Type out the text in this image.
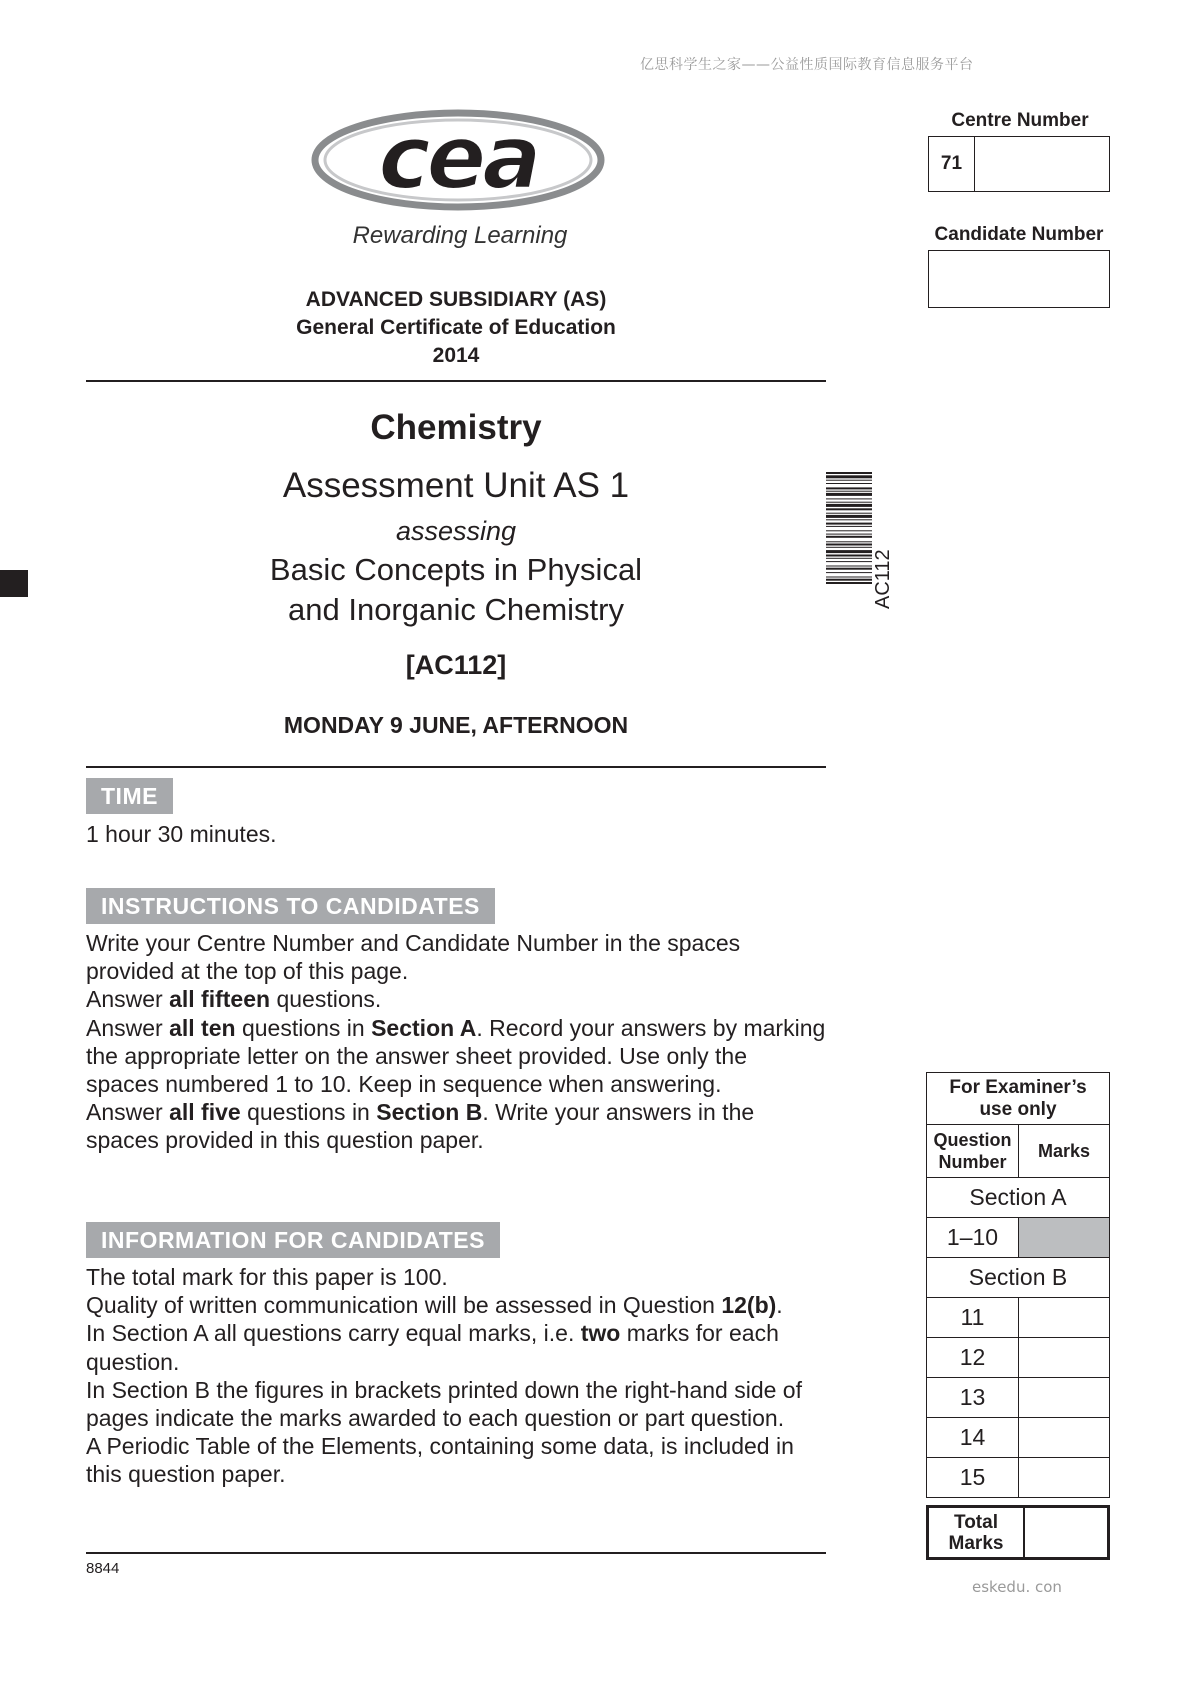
亿思科学生之家——公益性质国际教育信息服务平台
cea
Rewarding Learning
ADVANCED SUBSIDIARY (AS)
General Certificate of Education
2014
Chemistry
Assessment Unit AS 1
assessing
Basic Concepts in Physical
and Inorganic Chemistry
[AC112]
MONDAY 9 JUNE, AFTERNOON
AC112
TIME
1 hour 30 minutes.
INSTRUCTIONS TO CANDIDATES

Write your Centre Number and Candidate Number in the spaces provided at the top of this page.

Answer all fifteen questions.

Answer all ten questions in Section A. Record your answers by marking the appropriate letter on the answer sheet provided. Use only the spaces numbered 1 to 10. Keep in sequence when answering.

Answer all five questions in Section B. Write your answers in the spaces provided in this question paper.

INFORMATION FOR CANDIDATES

The total mark for this paper is 100.

Quality of written communication will be assessed in Question 12(b).

In Section A all questions carry equal marks, i.e. two marks for each question.

In Section B the figures in brackets printed down the right-hand side of pages indicate the marks awarded to each question or part question.

A Periodic Table of the Elements, containing some data, is included in this question paper.

8844
Centre Number
71
Candidate Number
For Examiner’s
use only	

Question
Number	Marks
Section A	
1–10	
Section B	
11	
12	
13	
14	
15	
Total
Marks

eskedu. con
